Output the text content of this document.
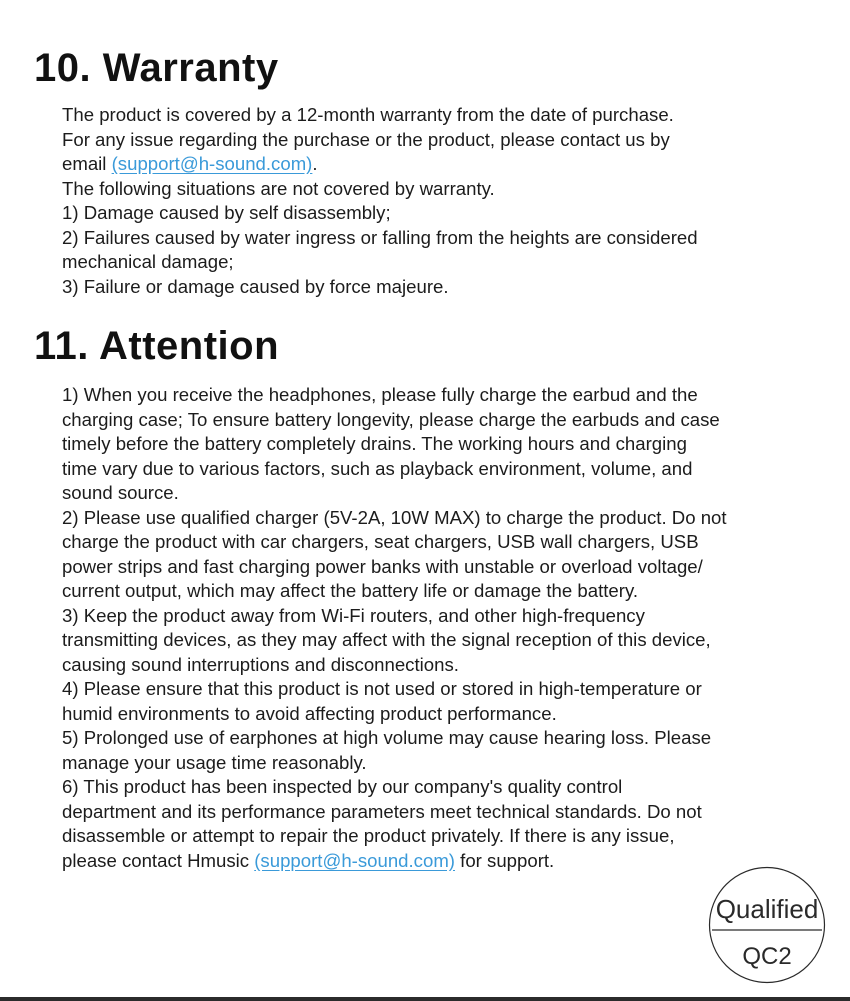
10. Warranty
The product is covered by a 12-month warranty from the date of purchase.
For any issue regarding the purchase or the product, please contact us by
email (support@h-sound.com).
The following situations are not covered by warranty.
1) Damage caused by self disassembly;
2) Failures caused by water ingress or falling from the heights are considered
mechanical damage;
3) Failure or damage caused by force majeure.
11. Attention
1) When you receive the headphones, please fully charge the earbud and the
charging case; To ensure battery longevity, please charge the earbuds and case
timely before the battery completely drains. The working hours and charging
time vary due to various factors, such as playback environment, volume, and
sound source.
2) Please use qualified charger (5V-2A, 10W MAX) to charge the product. Do not
charge the product with car chargers, seat chargers, USB wall chargers, USB
power strips and fast charging power banks with unstable or overload voltage/
current output, which may affect the battery life or damage the battery.
3) Keep the product away from Wi-Fi routers, and other high-frequency
transmitting devices, as they may affect with the signal reception of this device,
causing sound interruptions and disconnections.
4) Please ensure that this product is not used or stored in high-temperature or
humid environments to avoid affecting product performance.
5) Prolonged use of earphones at high volume may cause hearing loss. Please
manage your usage time reasonably.
6) This product has been inspected by our company's quality control
department and its performance parameters meet technical standards. Do not
disassemble or attempt to repair the product privately. If there is any issue,
please contact Hmusic (support@h-sound.com) for support.
Qualified
QC2
